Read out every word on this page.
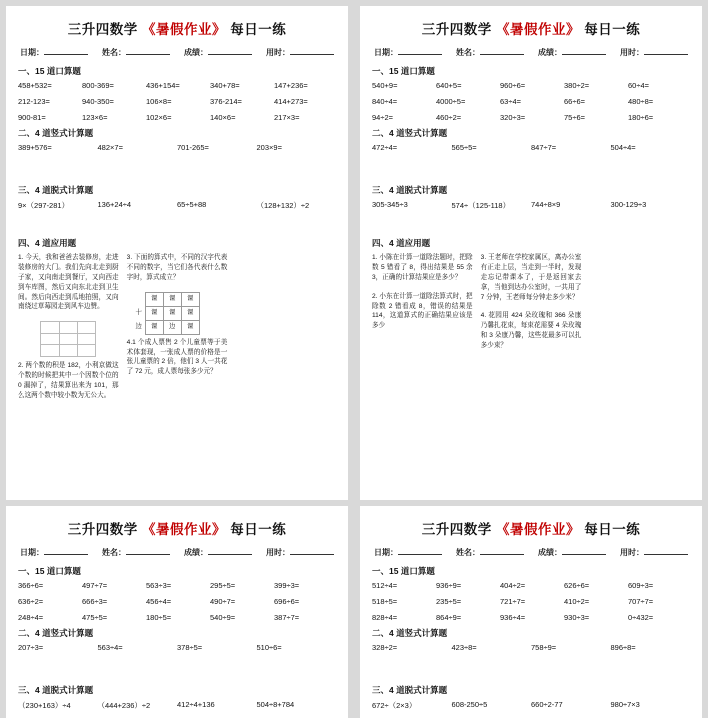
三升四数学 《暑假作业》 每日一练
日期：	姓名：	成绩：	用时：
一、15 道口算题
458+532=	800-369=	436+154=	340+78=	147+236=
212-123=	940-350=	106×8=	376-214=	414+273=
900-81=	123×6=	102×6=	140×6=	217×3=
二、4 道竖式计算题
389+576=	482×7=	701-265=	203×9=
三、4 道脱式计算题
9×（297-281）	136+24÷4	65÷5+88	（128+132）÷2
四、4 道应用题

1. 今天，我和爸爸去装修房，走进装修房的大门。我们先向北走到厨子家，又向南走到餐厅，又向西走到车库图，然后又向东北走到卫生间。然后向西走到瓜地拍照，又向南绕过草莓园走到风车边赞。

2. 两个数的积是 182，小利京做这个数的时候把其中一个因数个位的 0 漏掉了，结果算出来为 101，那么这两个数中较小数为无公大。

3. 下面的算式中，不同的汉字代表不同的数字，当它们各代表什么数字时，算式成立？

	课	课	课
十	课	课	课
边	课	边	课

4.1 个成人票售 2 个儿童票等于美术体套现，一张成人票的价格是一张儿童票的 2 倍，他们 3 人一共花了 72 元，成人票每张多少元？

三升四数学 《暑假作业》 每日一练
日期：	姓名：	成绩：	用时：
一、15 道口算题
540+9=	640+5=	960÷6=	380÷2=	60÷4=
840÷4=	4000÷5=	63÷4=	66÷6=	480÷8=
94÷2=	460÷2=	320÷3=	75÷6=	180÷6=
二、4 道竖式计算题
472÷4=	565÷5=	847÷7=	504÷4=
三、4 道脱式计算题
305-345÷3	574÷（125-118）	744÷8×9	300-129÷3
四、4 道应用题

1. 小陈在计算一道除法题时，把除数 5 错看了 8，得出结果是 55 余 3，正确的计算结果应是多少？

2. 小东在计算一道除法算式时，把除数 2 错看成 8，错误的结果是 114，这道算式的正确结果应该是多少

3. 王老师在学校家属区，离办公室有正走上层，当走到一半时，发现走忘记带课本了，于是返回家去拿，当他到达办公室时，一共用了 7 分钟，王老师每分钟走多少米？

4. 花园用 424 朵玫瑰和 366 朵康乃馨扎花束，每束花需要 4 朵玫瑰和 3 朵康乃馨，这些花最多可以扎多少束？

三升四数学 《暑假作业》 每日一练
日期：	姓名：	成绩：	用时：
一、15 道口算题
366÷6=	497÷7=	563÷3=	295÷5=	399÷3=
636÷2=	666÷3=	456÷4=	490÷7=	696÷6=
248÷4=	475÷5=	180÷5=	540÷9=	387÷7=
二、4 道竖式计算题
207÷3=	563÷4=	378÷5=	510÷6=
三、4 道脱式计算题
（230+163）÷4	（444+236）÷2	412÷4+136	504÷8+784
三升四数学 《暑假作业》 每日一练
日期：	姓名：	成绩：	用时：
一、15 道口算题
512÷4=	936÷9=	404÷2=	626÷6=	609÷3=
518÷5=	235÷5=	721÷7=	410÷2=	707÷7=
828÷4=	864÷9=	936÷4=	930÷3=	0÷432=
二、4 道竖式计算题
328÷2=	423÷8=	758÷9=	896÷8=
三、4 道脱式计算题
672÷（2×3）	608-250÷5	660÷2-77	980÷7×3
